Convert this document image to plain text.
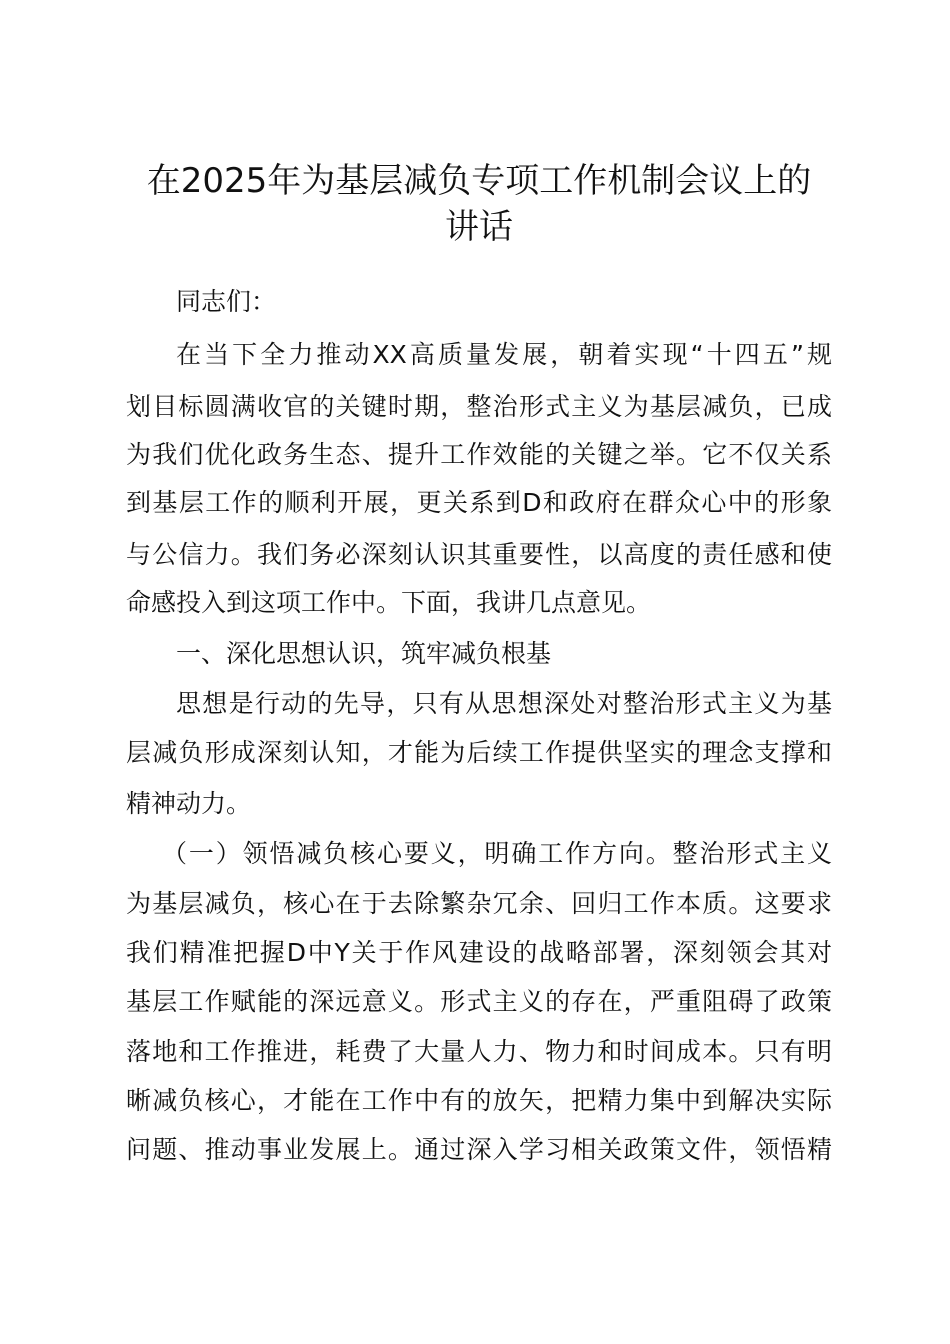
在2025年为基层减负专项工作机制会议上的
讲话
同志们：
在当下全力推动XX高质量发展，朝着实现“十四五”规
划目标圆满收官的关键时期，整治形式主义为基层减负，已成
为我们优化政务生态、提升工作效能的关键之举。它不仅关系
到基层工作的顺利开展，更关系到D和政府在群众心中的形象
与公信力。我们务必深刻认识其重要性，以高度的责任感和使
命感投入到这项工作中。下面，我讲几点意见。
一、深化思想认识，筑牢减负根基
思想是行动的先导，只有从思想深处对整治形式主义为基
层减负形成深刻认知，才能为后续工作提供坚实的理念支撑和
精神动力。
（一）领悟减负核心要义，明确工作方向。整治形式主义
为基层减负，核心在于去除繁杂冗余、回归工作本质。这要求
我们精准把握D中Y关于作风建设的战略部署，深刻领会其对
基层工作赋能的深远意义。形式主义的存在，严重阻碍了政策
落地和工作推进，耗费了大量人力、物力和时间成本。只有明
晰减负核心，才能在工作中有的放矢，把精力集中到解决实际
问题、推动事业发展上。通过深入学习相关政策文件，领悟精
